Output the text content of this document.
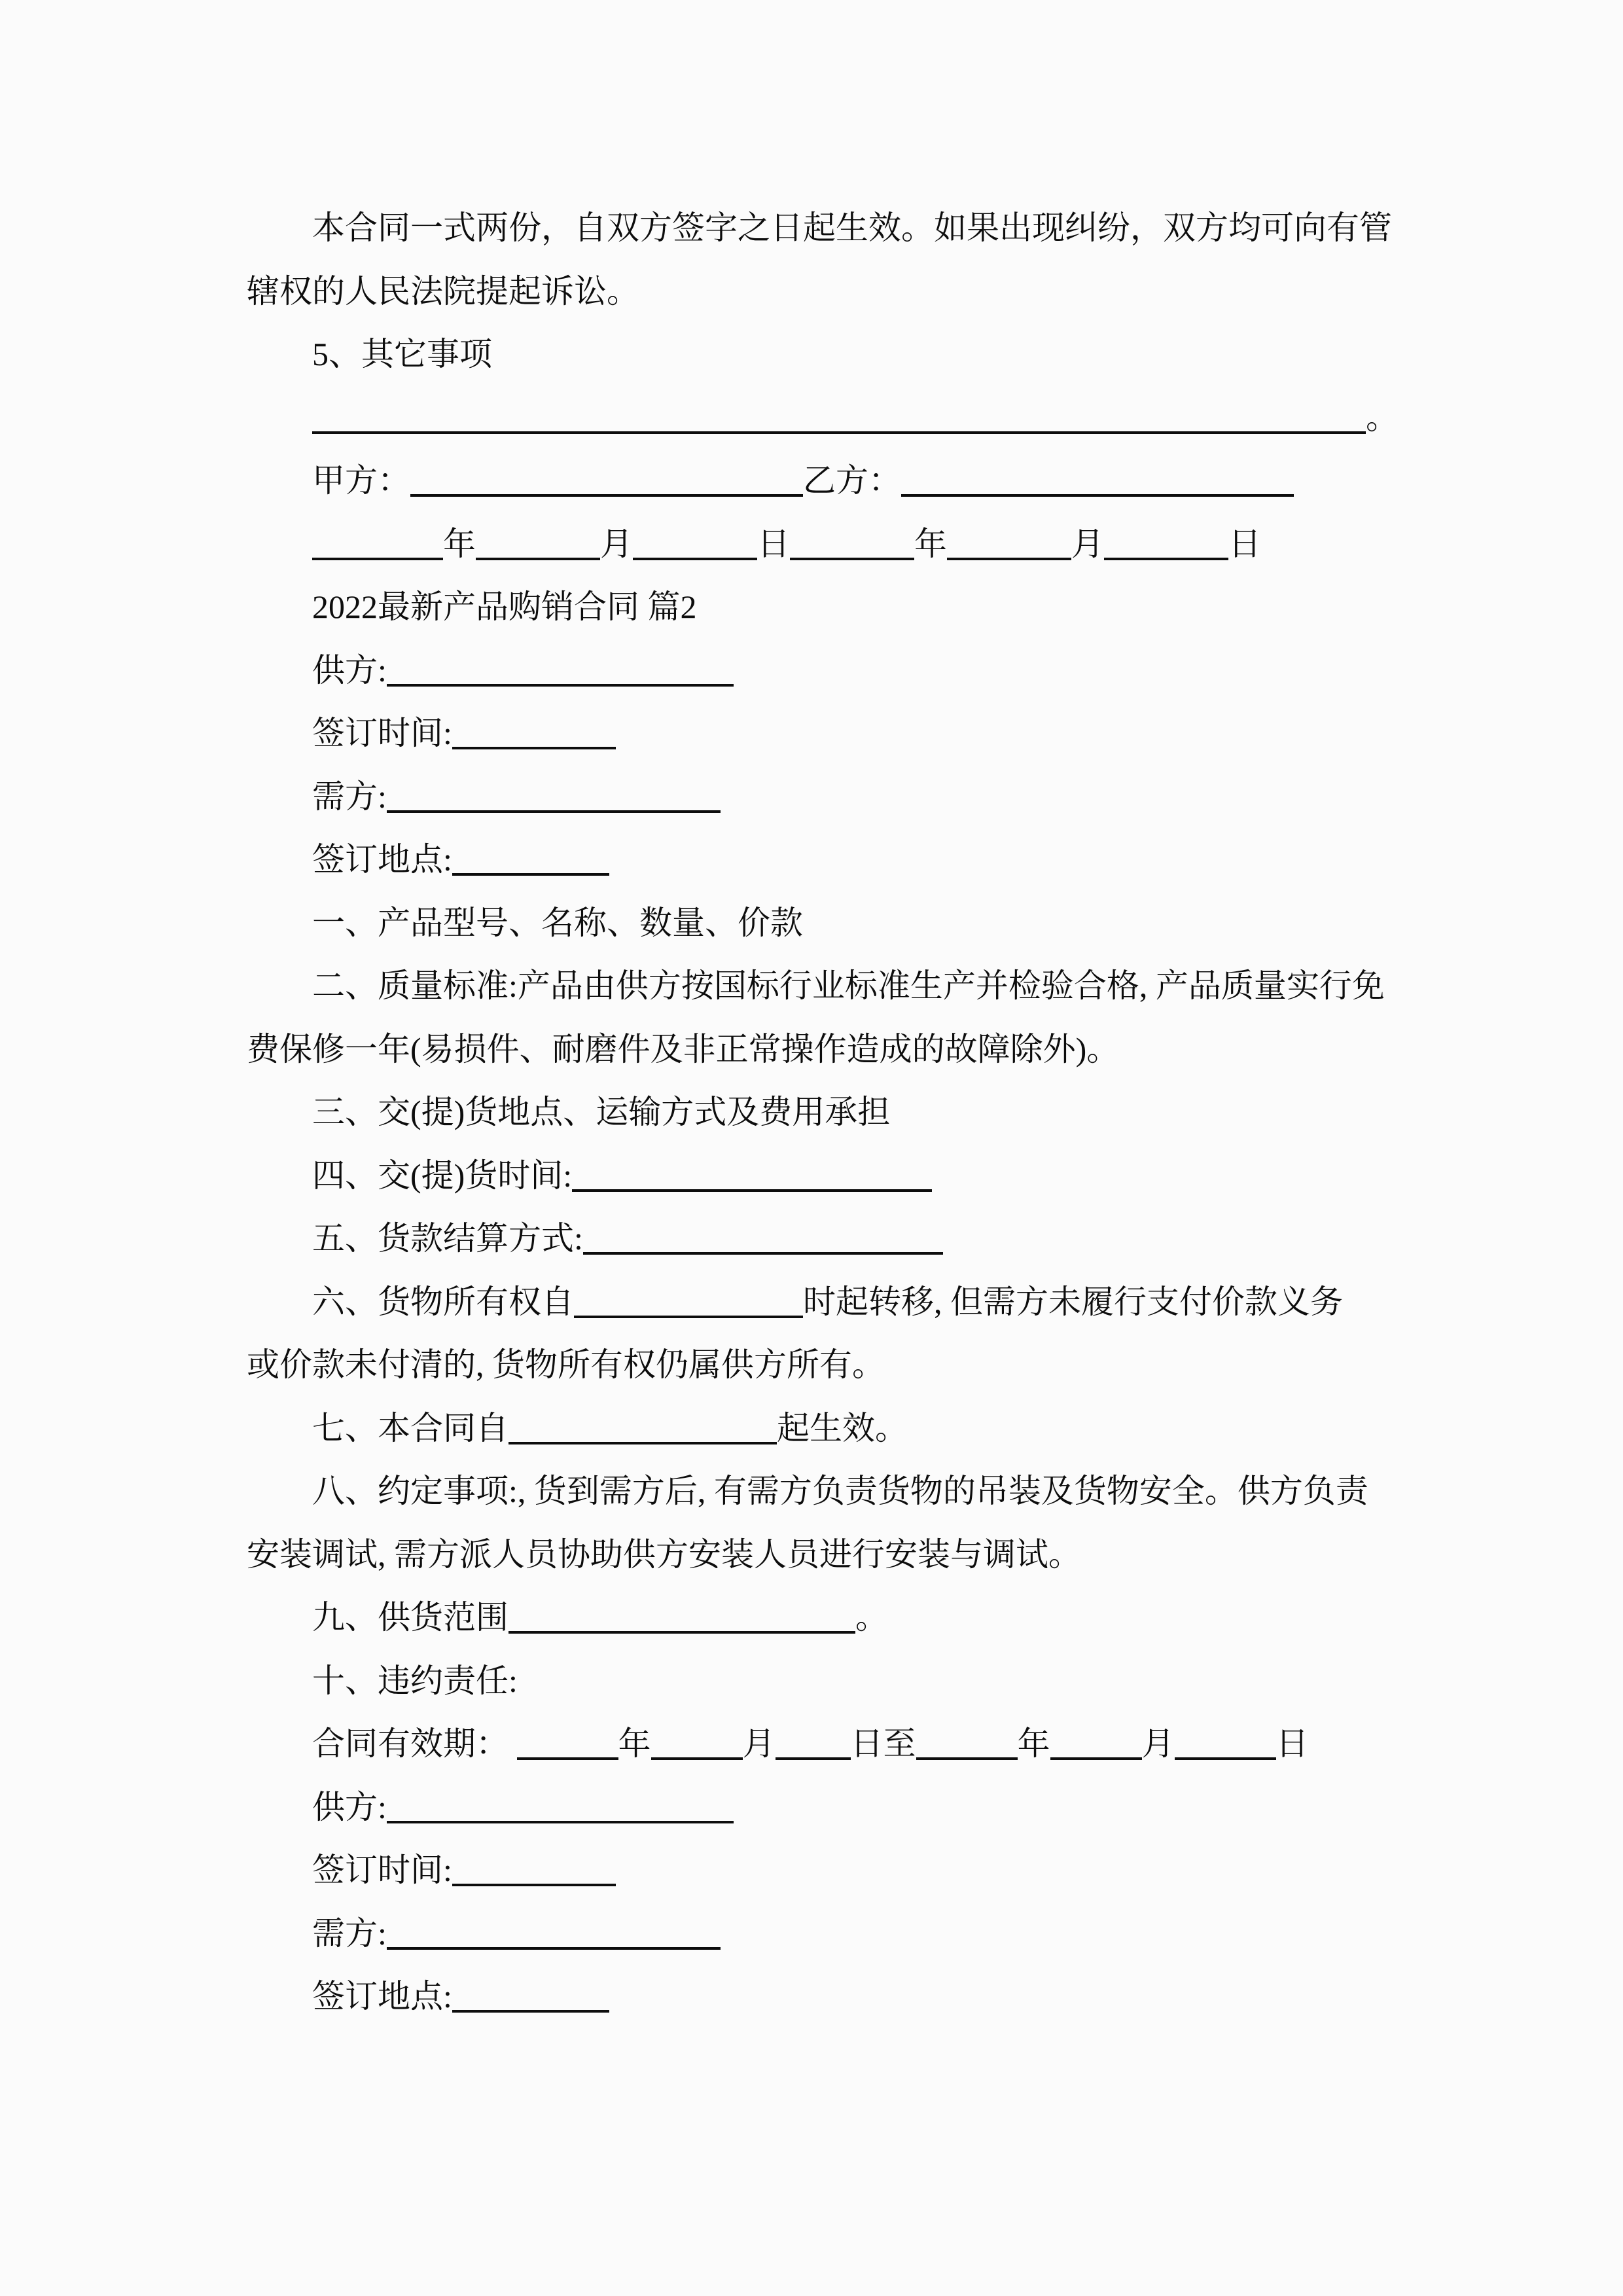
本合同一式两份，自双方签字之日起生效。如果出现纠纷，双方均可向有管

辖权的人民法院提起诉讼。

5、其它事项

。

甲方：	乙方：

年	月	日	年	月	日

2022最新产品购销合同 篇2

供方:

签订时间:

需方:

签订地点:

一、产品型号、名称、数量、价款

二、质量标准:产品由供方按国标行业标准生产并检验合格, 产品质量实行免

费保修一年(易损件、耐磨件及非正常操作造成的故障除外)。

三、交(提)货地点、运输方式及费用承担

四、交(提)货时间:

五、货款结算方式:

六、货物所有权自	时起转移, 但需方未履行支付价款义务

或价款未付清的, 货物所有权仍属供方所有。

七、本合同自	起生效。

八、约定事项:, 货到需方后, 有需方负责货物的吊装及货物安全。供方负责

安装调试, 需方派人员协助供方安装人员进行安装与调试。

九、供货范围	。

十、违约责任:

合同有效期：	年	月 日至	年	月	日

供方:

签订时间:

需方:

签订地点:
